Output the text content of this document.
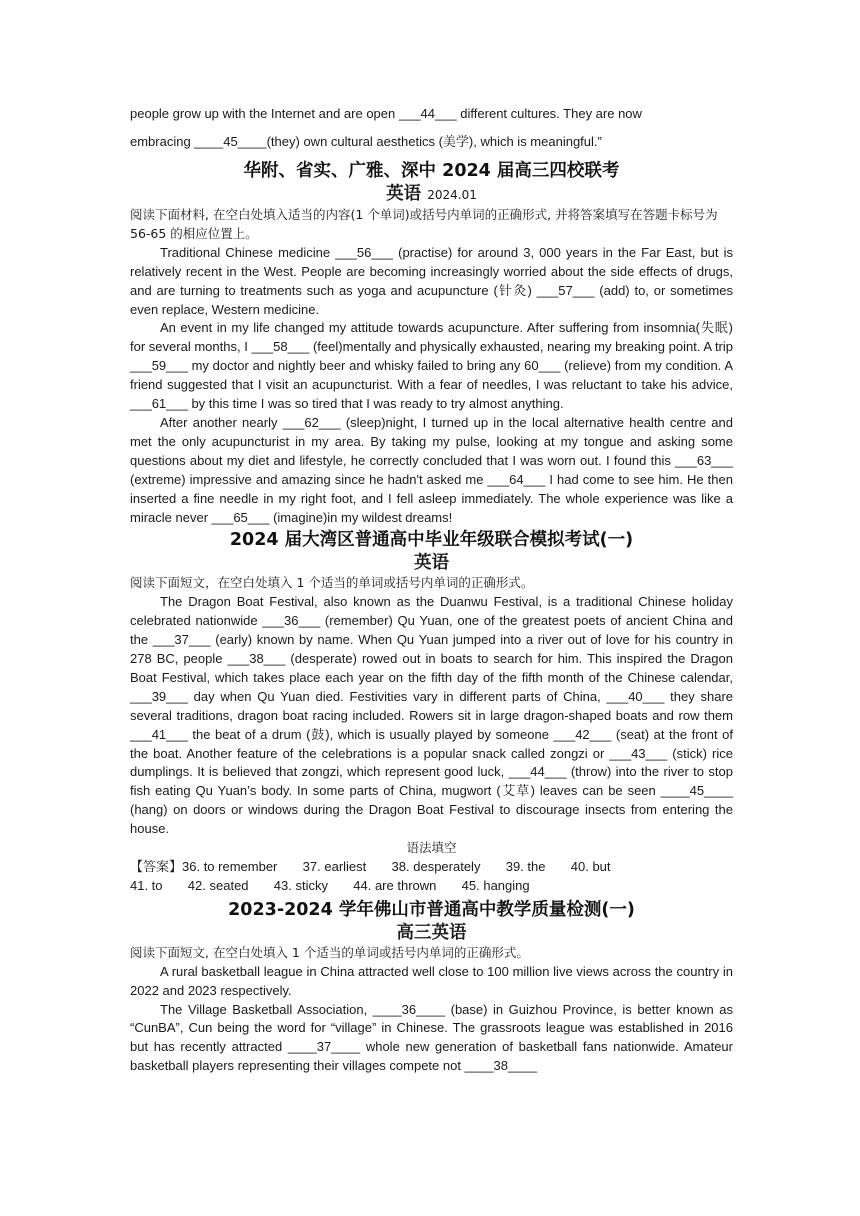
people grow up with the Internet and are open ___44___ different cultures. They are now

embracing ____45____(they) own cultural aesthetics (美学), which is meaningful.”

华附、省实、广雅、深中 2024 届高三四校联考
英语 2024.01

阅读下面材料, 在空白处填入适当的内容(1 个单词)或括号内单词的正确形式, 并将答案填写在答题卡标号为 56-65 的相应位置上。

Traditional Chinese medicine ___56___ (practise) for around 3, 000 years in the Far East, but is relatively recent in the West. People are becoming increasingly worried about the side effects of drugs, and are turning to treatments such as yoga and acupuncture (针灸) ___57___ (add) to, or sometimes even replace, Western medicine.

An event in my life changed my attitude towards acupuncture. After suffering from insomnia(失眠) for several months, I ___58___ (feel)mentally and physically exhausted, nearing my breaking point. A trip ___59___ my doctor and nightly beer and whisky failed to bring any 60___ (relieve) from my condition. A friend suggested that I visit an acupuncturist. With a fear of needles, I was reluctant to take his advice, ___61___ by this time I was so tired that I was ready to try almost anything.

After another nearly ___62___ (sleep)night, I turned up in the local alternative health centre and met the only acupuncturist in my area. By taking my pulse, looking at my tongue and asking some questions about my diet and lifestyle, he correctly concluded that I was worn out. I found this ___63___ (extreme) impressive and amazing since he hadn't asked me ___64___ I had come to see him. He then inserted a fine needle in my right foot, and I fell asleep immediately. The whole experience was like a miracle never ___65___ (imagine)in my wildest dreams!

2024 届大湾区普通高中毕业年级联合模拟考试(一)
英语

阅读下面短文，在空白处填入 1 个适当的单词或括号内单词的正确形式。

The Dragon Boat Festival, also known as the Duanwu Festival, is a traditional Chinese holiday celebrated nationwide ___36___ (remember) Qu Yuan, one of the greatest poets of ancient China and the ___37___ (early) known by name. When Qu Yuan jumped into a river out of love for his country in 278 BC, people ___38___ (desperate) rowed out in boats to search for him. This inspired the Dragon Boat Festival, which takes place each year on the fifth day of the fifth month of the Chinese calendar, ___39___ day when Qu Yuan died. Festivities vary in different parts of China, ___40___ they share several traditions, dragon boat racing included. Rowers sit in large dragon-shaped boats and row them ___41___ the beat of a drum (鼓), which is usually played by someone ___42___ (seat) at the front of the boat. Another feature of the celebrations is a popular snack called zongzi or ___43___ (stick) rice dumplings. It is believed that zongzi, which represent good luck, ___44___ (throw) into the river to stop fish eating Qu Yuan’s body. In some parts of China, mugwort (艾草) leaves can be seen ____45____ (hang) on doors or windows during the Dragon Boat Festival to discourage insects from entering the house.

语法填空

【答案】36. to remember       37. earliest       38. desperately       39. the       40. but

41. to       42. seated       43. sticky       44. are thrown       45. hanging

2023-2024 学年佛山市普通高中教学质量检测(一)
高三英语

阅读下面短文, 在空白处填入 1 个适当的单词或括号内单词的正确形式。

A rural basketball league in China attracted well close to 100 million live views across the country in 2022 and 2023 respectively.

The Village Basketball Association, ____36____ (base) in Guizhou Province, is better known as “CunBA”, Cun being the word for “village” in Chinese. The grassroots league was established in 2016 but has recently attracted ____37____ whole new generation of basketball fans nationwide. Amateur basketball players representing their villages compete not ____38____
